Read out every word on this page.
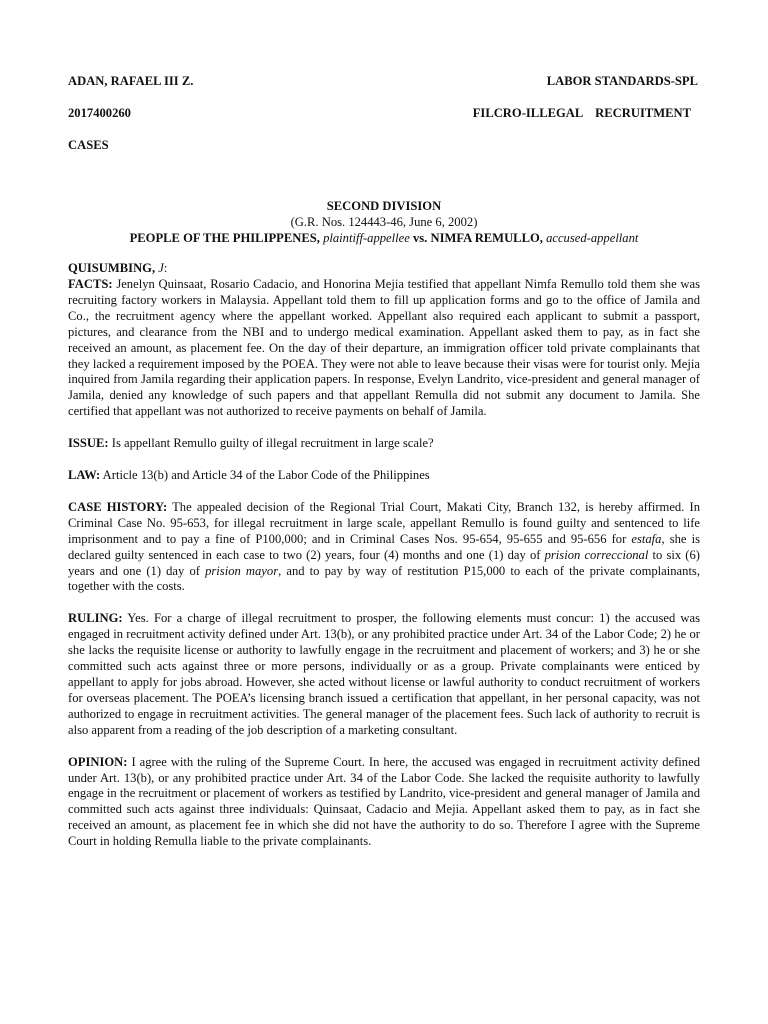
ADAN, RAFAEL III Z.

2017400260

CASES

LABOR STANDARDS-SPL

FILCRO-ILLEGAL    RECRUITMENT

SECOND DIVISION
(G.R. Nos. 124443-46, June 6, 2002)
PEOPLE OF THE PHILIPPENES, plaintiff-appellee vs. NIMFA REMULLO, accused-appellant
QUISUMBING, J:

FACTS: Jenelyn Quinsaat, Rosario Cadacio, and Honorina Mejia testified that appellant Nimfa Remullo told them she was recruiting factory workers in Malaysia. Appellant told them to fill up application forms and go to the office of Jamila and Co., the recruitment agency where the appellant worked. Appellant also required each applicant to submit a passport, pictures, and clearance from the NBI and to undergo medical examination. Appellant asked them to pay, as in fact she received an amount, as placement fee. On the day of their departure, an immigration officer told private complainants that they lacked a requirement imposed by the POEA. They were not able to leave because their visas were for tourist only. Mejia inquired from Jamila regarding their application papers. In response, Evelyn Landrito, vice-president and general manager of Jamila, denied any knowledge of such papers and that appellant Remulla did not submit any document to Jamila. She certified that appellant was not authorized to receive payments on behalf of Jamila.

ISSUE: Is appellant Remullo guilty of illegal recruitment in large scale?

LAW: Article 13(b) and Article 34 of the Labor Code of the Philippines

CASE HISTORY: The appealed decision of the Regional Trial Court, Makati City, Branch 132, is hereby affirmed. In Criminal Case No. 95-653, for illegal recruitment in large scale, appellant Remullo is found guilty and sentenced to life imprisonment and to pay a fine of P100,000; and in Criminal Cases Nos. 95-654, 95-655 and 95-656 for estafa, she is declared guilty sentenced in each case to two (2) years, four (4) months and one (1) day of prision correccional to six (6) years and one (1) day of prision mayor, and to pay by way of restitution P15,000 to each of the private complainants, together with the costs.

RULING: Yes. For a charge of illegal recruitment to prosper, the following elements must concur: 1) the accused was engaged in recruitment activity defined under Art. 13(b), or any prohibited practice under Art. 34 of the Labor Code; 2) he or she lacks the requisite license or authority to lawfully engage in the recruitment and placement of workers; and 3) he or she committed such acts against three or more persons, individually or as a group. Private complainants were enticed by appellant to apply for jobs abroad. However, she acted without license or lawful authority to conduct recruitment of workers for overseas placement. The POEA’s licensing branch issued a certification that appellant, in her personal capacity, was not authorized to engage in recruitment activities. The general manager of the placement fees. Such lack of authority to recruit is also apparent from a reading of the job description of a marketing consultant.

OPINION: I agree with the ruling of the Supreme Court. In here, the accused was engaged in recruitment activity defined under Art. 13(b), or any prohibited practice under Art. 34 of the Labor Code. She lacked the requisite authority to lawfully engage in the recruitment or placement of workers as testified by Landrito, vice-president and general manager of Jamila and committed such acts against three individuals: Quinsaat, Cadacio and Mejia. Appellant asked them to pay, as in fact she received an amount, as placement fee in which she did not have the authority to do so. Therefore I agree with the Supreme Court in holding Remulla liable to the private complainants.
